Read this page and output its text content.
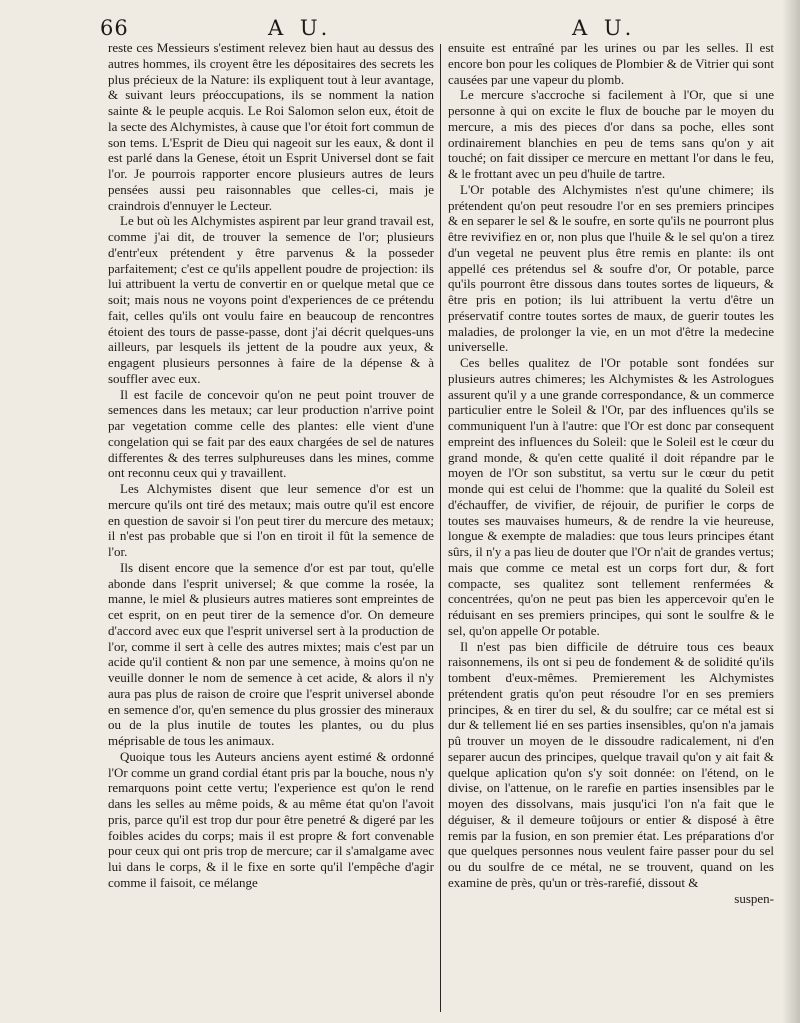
66	A U.	A U.

reste ces Messieurs s'estiment relevez bien haut au dessus des autres hommes, ils croyent être les dépositaires des secrets les plus précieux de la Nature: ils expliquent tout à leur avantage, & suivant leurs préoccupations, ils se nomment la nation sainte & le peuple acquis. Le Roi Salomon selon eux, étoit de la secte des Alchymistes, à cause que l'or étoit fort commun de son tems. L'Esprit de Dieu qui nageoit sur les eaux, & dont il est parlé dans la Genese, étoit un Esprit Universel dont se fait l'or. Je pourrois rapporter encore plusieurs autres de leurs pensées aussi peu raisonnables que celles-ci, mais je craindrois d'ennuyer le Lecteur.

Le but où les Alchymistes aspirent par leur grand travail est, comme j'ai dit, de trouver la semence de l'or; plusieurs d'entr'eux prétendent y être parvenus & la posseder parfaitement; c'est ce qu'ils appellent poudre de projection: ils lui attribuent la vertu de convertir en or quelque metal que ce soit; mais nous ne voyons point d'experiences de ce prétendu fait, celles qu'ils ont voulu faire en beaucoup de rencontres étoient des tours de passe-passe, dont j'ai décrit quelques-uns ailleurs, par lesquels ils jettent de la poudre aux yeux, & engagent plusieurs personnes à faire de la dépense & à souffler avec eux.

Il est facile de concevoir qu'on ne peut point trouver de semences dans les metaux; car leur production n'arrive point par vegetation comme celle des plantes: elle vient d'une congelation qui se fait par des eaux chargées de sel de natures differentes & des terres sulphureuses dans les mines, comme ont reconnu ceux qui y travaillent.

Les Alchymistes disent que leur semence d'or est un mercure qu'ils ont tiré des metaux; mais outre qu'il est encore en question de savoir si l'on peut tirer du mercure des metaux; il n'est pas probable que si l'on en tiroit il fût la semence de l'or.

Ils disent encore que la semence d'or est par tout, qu'elle abonde dans l'esprit universel; & que comme la rosée, la manne, le miel & plusieurs autres matieres sont empreintes de cet esprit, on en peut tirer de la semence d'or. On demeure d'accord avec eux que l'esprit universel sert à la production de l'or, comme il sert à celle des autres mixtes; mais c'est par un acide qu'il contient & non par une semence, à moins qu'on ne veuille donner le nom de semence à cet acide, & alors il n'y aura pas plus de raison de croire que l'esprit universel abonde en semence d'or, qu'en semence du plus grossier des mineraux ou de la plus inutile de toutes les plantes, ou du plus méprisable de tous les animaux.

Quoique tous les Auteurs anciens ayent estimé & ordonné l'Or comme un grand cordial étant pris par la bouche, nous n'y remarquons point cette vertu; l'experience est qu'on le rend dans les selles au même poids, & au même état qu'on l'avoit pris, parce qu'il est trop dur pour être penetré & digeré par les foibles acides du corps; mais il est propre & fort convenable pour ceux qui ont pris trop de mercure; car il s'amalgame avec lui dans le corps, & il le fixe en sorte qu'il l'empêche d'agir comme il faisoit, ce mélange

ensuite est entraîné par les urines ou par les selles. Il est encore bon pour les coliques de Plombier & de Vitrier qui sont causées par une vapeur du plomb.

Le mercure s'accroche si facilement à l'Or, que si une personne à qui on excite le flux de bouche par le moyen du mercure, a mis des pieces d'or dans sa poche, elles sont ordinairement blanchies en peu de tems sans qu'on y ait touché; on fait dissiper ce mercure en mettant l'or dans le feu, & le frottant avec un peu d'huile de tartre.

L'Or potable des Alchymistes n'est qu'une chimere; ils prétendent qu'on peut resoudre l'or en ses premiers principes & en separer le sel & le soufre, en sorte qu'ils ne pourront plus être revivifiez en or, non plus que l'huile & le sel qu'on a tirez d'un vegetal ne peuvent plus être remis en plante: ils ont appellé ces prétendus sel & soufre d'or, Or potable, parce qu'ils pourront être dissous dans toutes sortes de liqueurs, & être pris en potion; ils lui attribuent la vertu d'être un préservatif contre toutes sortes de maux, de guerir toutes les maladies, de prolonger la vie, en un mot d'être la medecine universelle.

Ces belles qualitez de l'Or potable sont fondées sur plusieurs autres chimeres; les Alchymistes & les Astrologues assurent qu'il y a une grande correspondance, & un commerce particulier entre le Soleil & l'Or, par des influences qu'ils se communiquent l'un à l'autre: que l'Or est donc par consequent empreint des influences du Soleil: que le Soleil est le cœur du grand monde, & qu'en cette qualité il doit répandre par le moyen de l'Or son substitut, sa vertu sur le cœur du petit monde qui est celui de l'homme: que la qualité du Soleil est d'échauffer, de vivifier, de réjouir, de purifier le corps de toutes ses mauvaises humeurs, & de rendre la vie heureuse, longue & exempte de maladies: que tous leurs principes étant sûrs, il n'y a pas lieu de douter que l'Or n'ait de grandes vertus; mais que comme ce metal est un corps fort dur, & fort compacte, ses qualitez sont tellement renfermées & concentrées, qu'on ne peut pas bien les appercevoir qu'en le réduisant en ses premiers principes, qui sont le soulfre & le sel, qu'on appelle Or potable.

Il n'est pas bien difficile de détruire tous ces beaux raisonnemens, ils ont si peu de fondement & de solidité qu'ils tombent d'eux-mêmes. Premierement les Alchymistes prétendent gratis qu'on peut résoudre l'or en ses premiers principes, & en tirer du sel, & du soulfre; car ce métal est si dur & tellement lié en ses parties insensibles, qu'on n'a jamais pû trouver un moyen de le dissoudre radicalement, ni d'en separer aucun des principes, quelque travail qu'on y ait fait & quelque aplication qu'on s'y soit donnée: on l'étend, on le divise, on l'attenue, on le rarefie en parties insensibles par le moyen des dissolvans, mais jusqu'ici l'on n'a fait que le déguiser, & il demeure toûjours or entier & disposé à être remis par la fusion, en son premier état. Les préparations d'or que quelques personnes nous veulent faire passer pour du sel ou du soulfre de ce métal, ne se trouvent, quand on les examine de près, qu'un or très-rarefié, dissout &

suspen-
